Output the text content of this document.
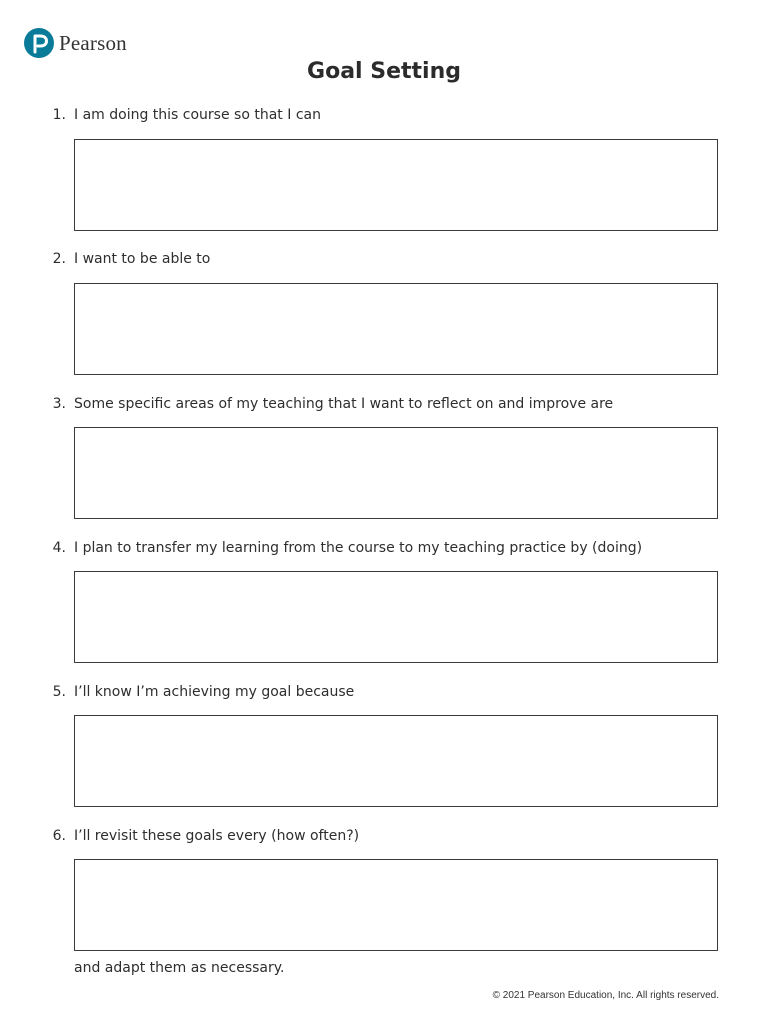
Pearson
Goal Setting
1. I am doing this course so that I can
2. I want to be able to
3. Some specific areas of my teaching that I want to reflect on and improve are
4. I plan to transfer my learning from the course to my teaching practice by (doing)
5. I’ll know I’m achieving my goal because
6. I’ll revisit these goals every (how often?)

and adapt them as necessary.

© 2021 Pearson Education, Inc. All rights reserved.
